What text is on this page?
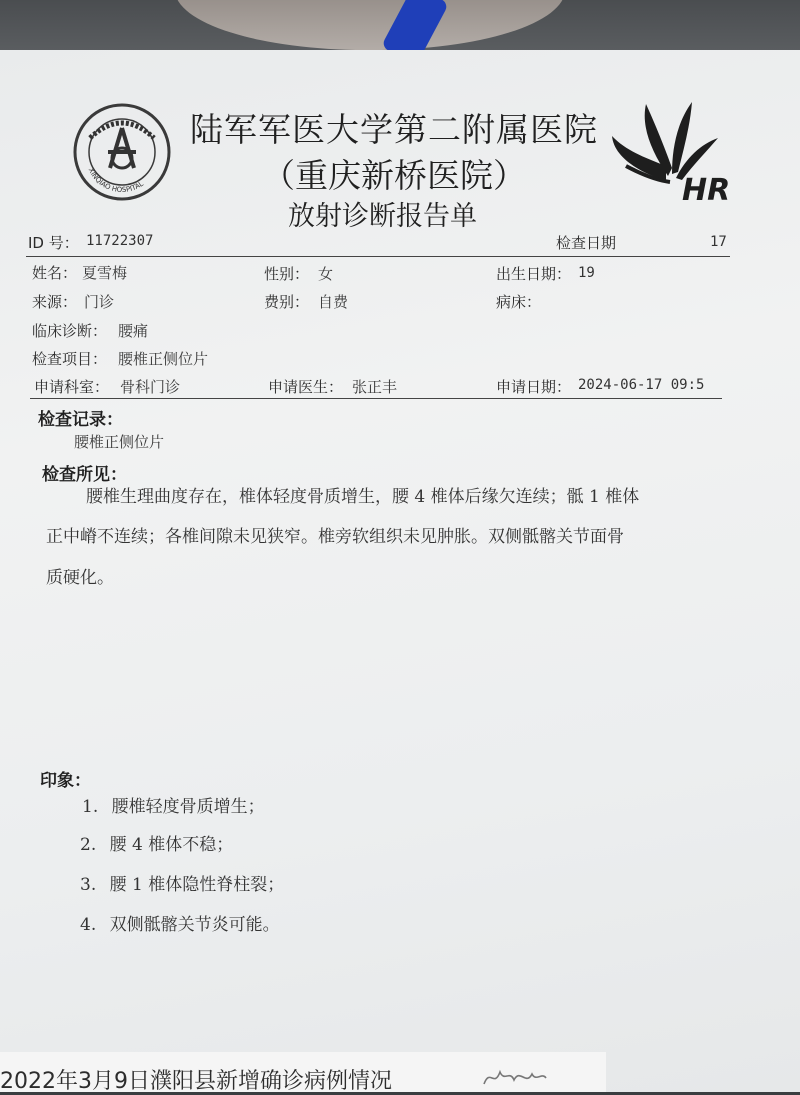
XINQIAO HOSPITAL
陆军军医大学第二附属医院
（重庆新桥医院）
放射诊断报告单
HR
ID 号： 11722307	检查日期	17
姓名： 夏雪梅	性别： 女	出生日期： 19
来源： 门诊	费别： 自费	病床：
临床诊断： 腰痛
检查项目： 腰椎正侧位片
申请科室： 骨科门诊	申请医生： 张正丰	申请日期： 2024-06-17 09:5
检查记录：
腰椎正侧位片
检查所见：
腰椎生理曲度存在，椎体轻度骨质增生，腰 4 椎体后缘欠连续；骶 1 椎体
正中嵴不连续；各椎间隙未见狭窄。椎旁软组织未见肿胀。双侧骶髂关节面骨
质硬化。
印象：
1. 腰椎轻度骨质增生；
2. 腰 4 椎体不稳；
3. 腰 1 椎体隐性脊柱裂；
4. 双侧骶髂关节炎可能。
2022年3月9日濮阳县新增确诊病例情况
